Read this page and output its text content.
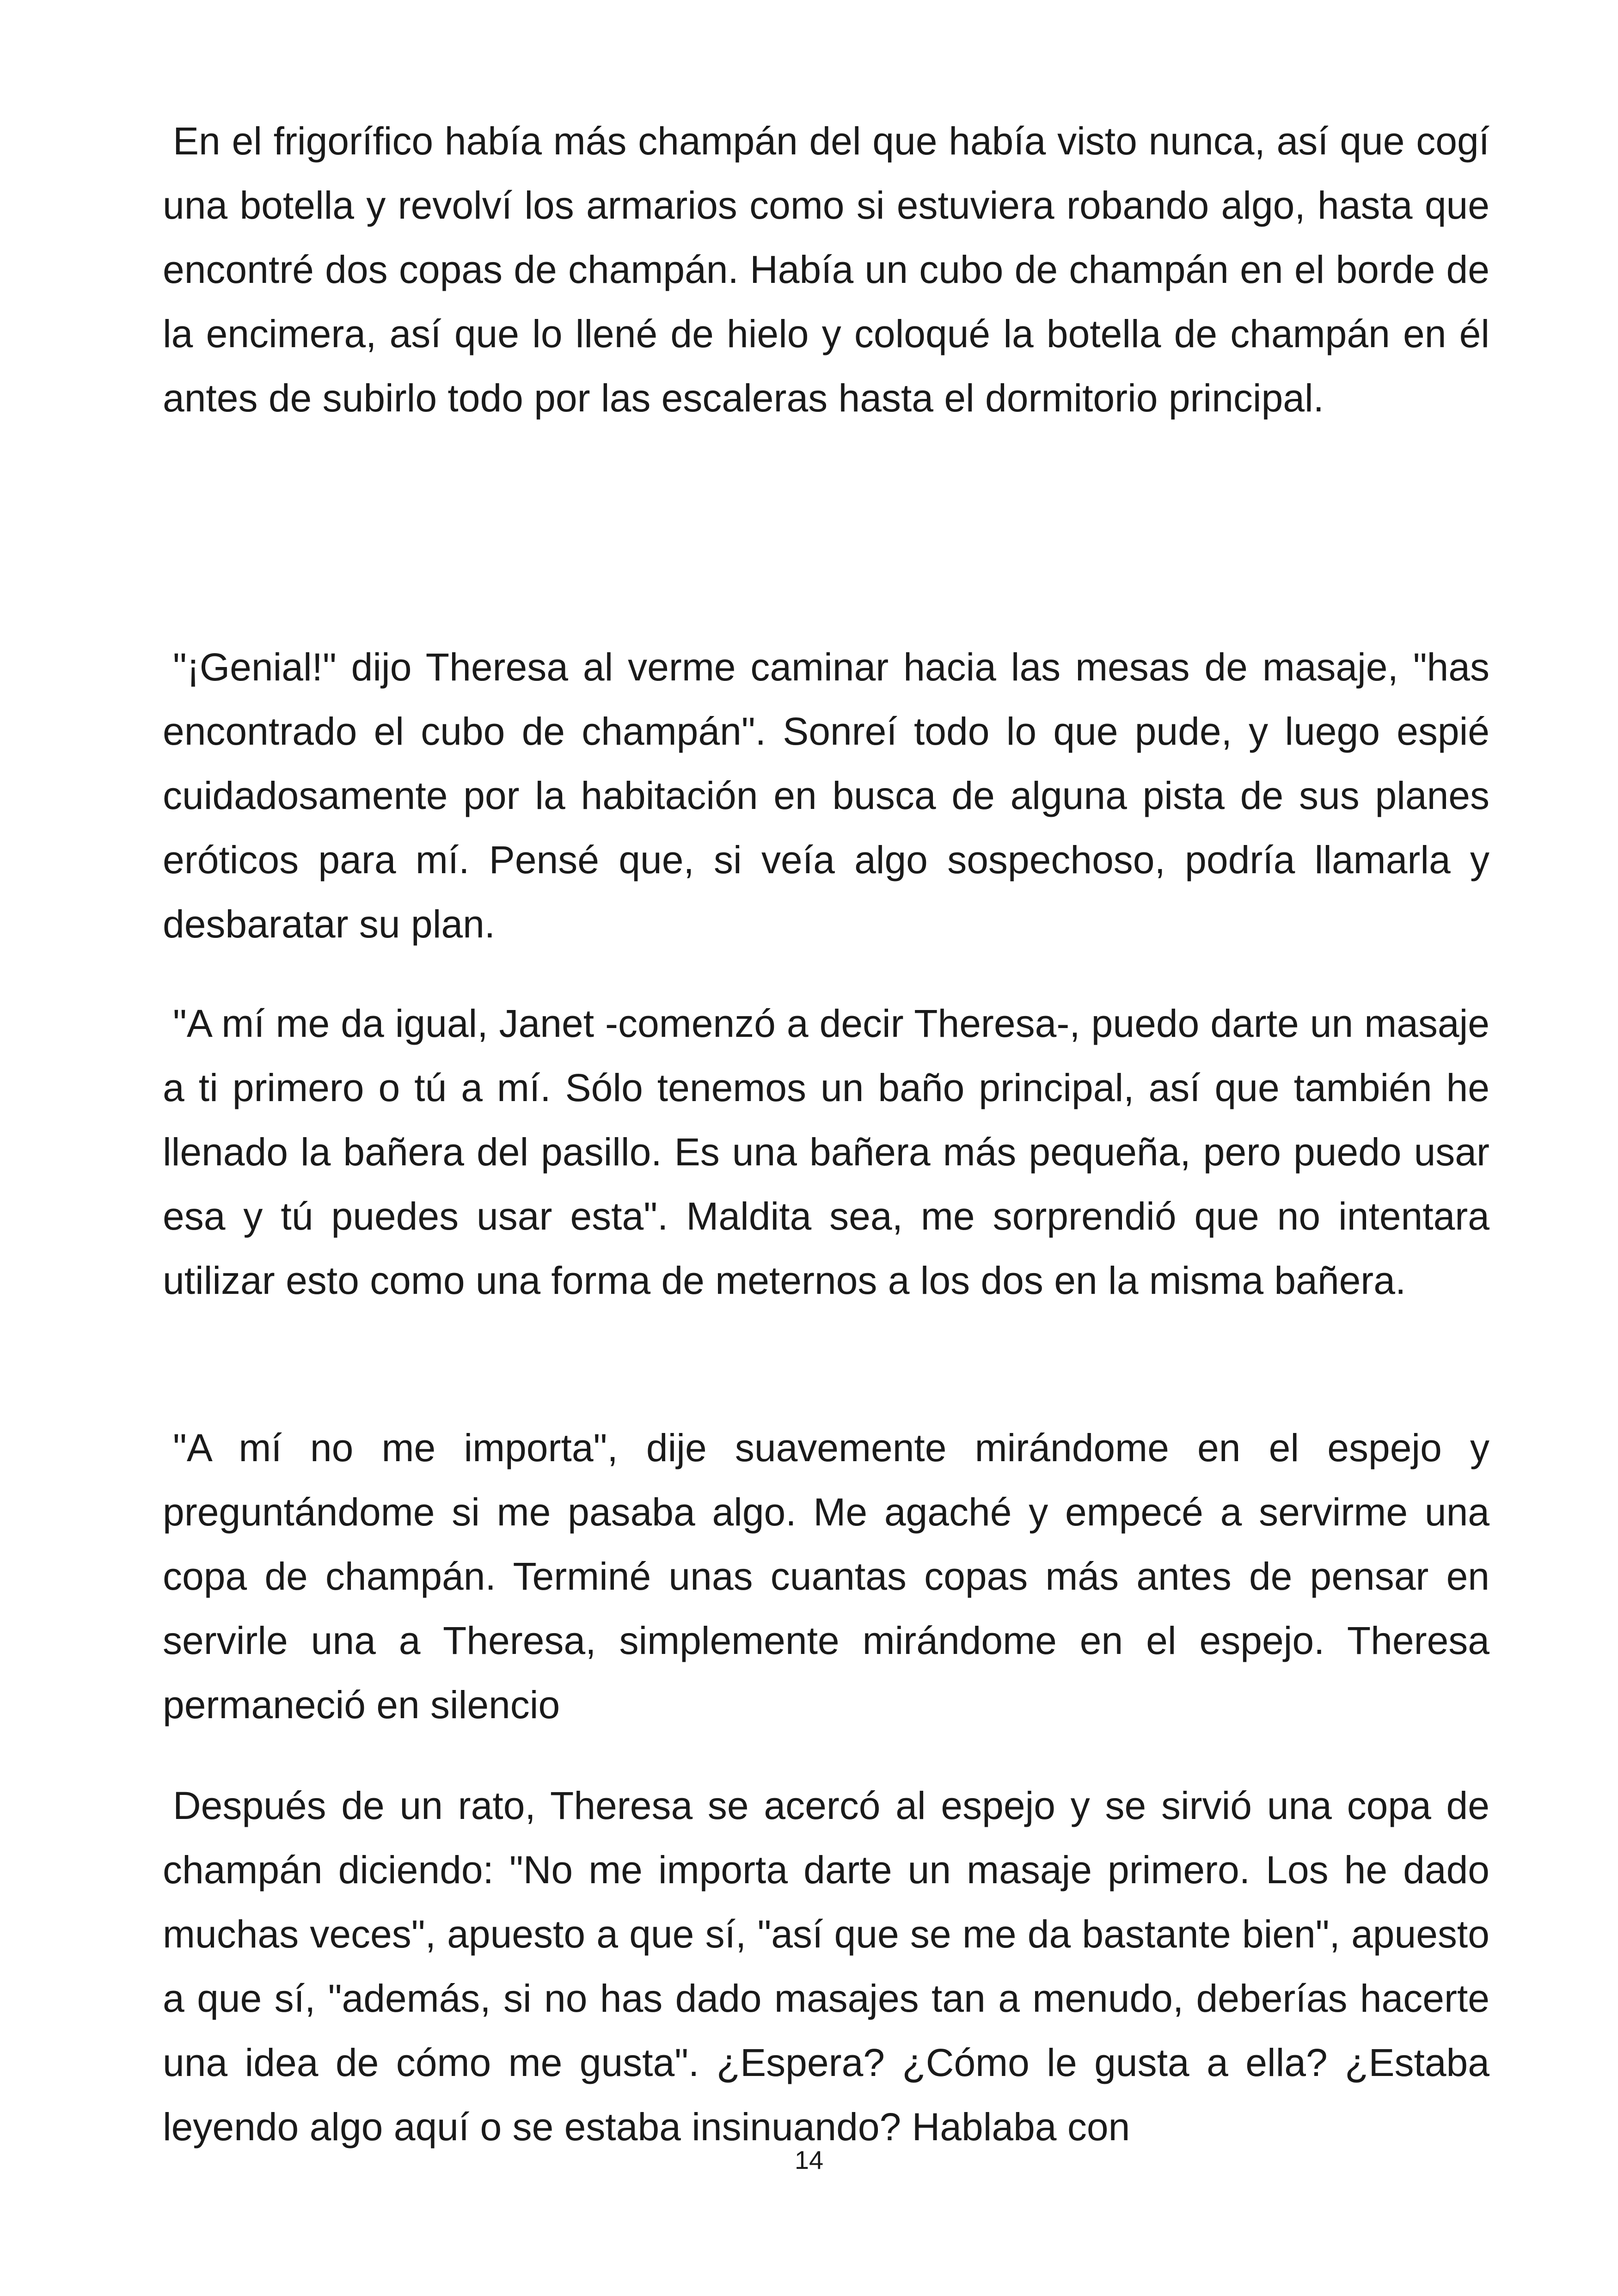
En el frigorífico había más champán del que había visto nunca, así que cogí una botella y revolví los armarios como si estuviera robando algo, hasta que encontré dos copas de champán. Había un cubo de champán en el borde de la encimera, así que lo llené de hielo y coloqué la botella de champán en él antes de subirlo todo por las escaleras hasta el dormitorio principal.

"¡Genial!" dijo Theresa al verme caminar hacia las mesas de masaje, "has encontrado el cubo de champán". Sonreí todo lo que pude, y luego espié cuidadosamente por la habitación en busca de alguna pista de sus planes eróticos para mí. Pensé que, si veía algo sospechoso, podría llamarla y desbaratar su plan.

"A mí me da igual, Janet -comenzó a decir Theresa-, puedo darte un masaje a ti primero o tú a mí. Sólo tenemos un baño principal, así que también he llenado la bañera del pasillo. Es una bañera más pequeña, pero puedo usar esa y tú puedes usar esta". Maldita sea, me sorprendió que no intentara utilizar esto como una forma de meternos a los dos en la misma bañera.

"A mí no me importa", dije suavemente mirándome en el espejo y preguntándome si me pasaba algo. Me agaché y empecé a servirme una copa de champán. Terminé unas cuantas copas más antes de pensar en servirle una a Theresa, simplemente mirándome en el espejo. Theresa permaneció en silencio

Después de un rato, Theresa se acercó al espejo y se sirvió una copa de champán diciendo: "No me importa darte un masaje primero. Los he dado muchas veces", apuesto a que sí, "así que se me da bastante bien", apuesto a que sí, "además, si no has dado masajes tan a menudo, deberías hacerte una idea de cómo me gusta". ¿Espera? ¿Cómo le gusta a ella? ¿Estaba leyendo algo aquí o se estaba insinuando? Hablaba con

14
